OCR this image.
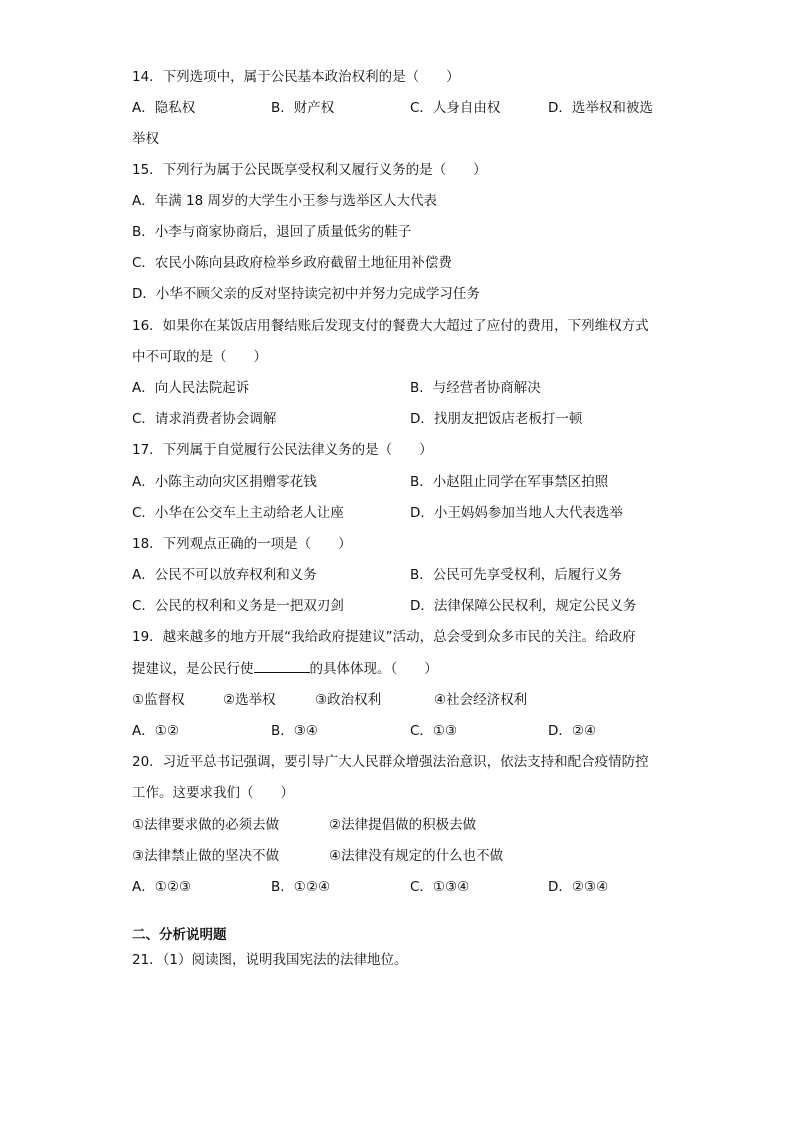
14．下列选项中，属于公民基本政治权利的是（　　）
A．隐私权	B．财产权	C．人身自由权	D．选举权和被选
举权
15．下列行为属于公民既享受权利又履行义务的是（　　）
A．年满 18 周岁的大学生小王参与选举区人大代表
B．小李与商家协商后，退回了质量低劣的鞋子
C．农民小陈向县政府检举乡政府截留土地征用补偿费
D．小华不顾父亲的反对坚持读完初中并努力完成学习任务
16．如果你在某饭店用餐结账后发现支付的餐费大大超过了应付的费用，下列维权方式
中不可取的是（　　）
A．向人民法院起诉	B．与经营者协商解决
C．请求消费者协会调解	D．找朋友把饭店老板打一顿
17．下列属于自觉履行公民法律义务的是（　　）
A．小陈主动向灾区捐赠零花钱	B．小赵阻止同学在军事禁区拍照
C．小华在公交车上主动给老人让座	D．小王妈妈参加当地人大代表选举
18．下列观点正确的一项是（　　）
A．公民不可以放弃权利和义务	B．公民可先享受权利，后履行义务
C．公民的权利和义务是一把双刃剑	D．法律保障公民权利，规定公民义务
19．越来越多的地方开展“我给政府提建议”活动，总会受到众多市民的关注。给政府
提建议，是公民行使	的具体体现。（　　）
①监督权	②选举权	③政治权利	④社会经济权利
A．①②	B．③④	C．①③	D．②④
20．习近平总书记强调，要引导广大人民群众增强法治意识，依法支持和配合疫情防控
工作。这要求我们（　　）
①法律要求做的必须去做	②法律提倡做的积极去做
③法律禁止做的坚决不做	④法律没有规定的什么也不做
A．①②③	B．①②④	C．①③④	D．②③④
二、分析说明题
21．（1）阅读图，说明我国宪法的法律地位。
